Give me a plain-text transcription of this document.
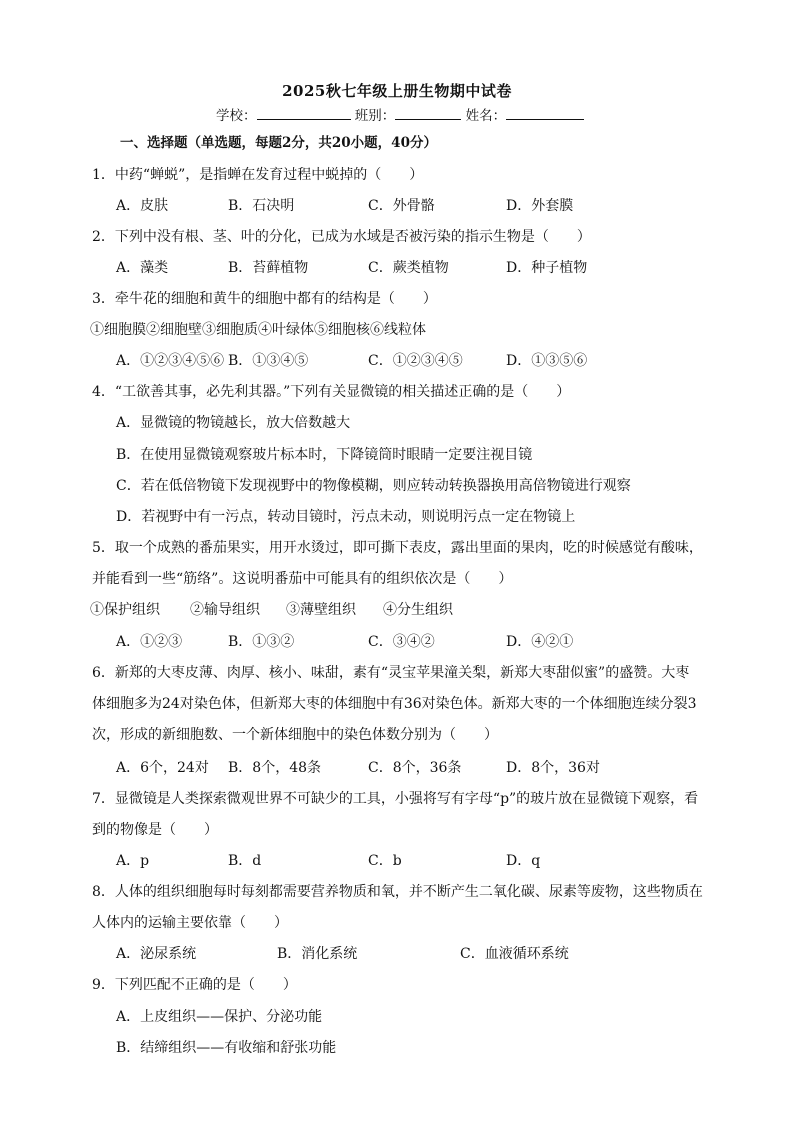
2025秋七年级上册生物期中试卷
学校：	班别：	姓名：
一、选择题（单选题，每题2分，共20小题，40分）
1．中药“蝉蜕”，是指蝉在发育过程中蜕掉的（　　）
A．皮肤	B．石决明	C．外骨骼	D．外套膜
2．下列中没有根、茎、叶的分化，已成为水域是否被污染的指示生物是（　　）
A．藻类	B．苔藓植物	C．蕨类植物	D．种子植物
3．牵牛花的细胞和黄牛的细胞中都有的结构是（　　）
①细胞膜②细胞壁③细胞质④叶绿体⑤细胞核⑥线粒体
A．①②③④⑤⑥ B．①③④⑤	C．①②③④⑤	D．①③⑤⑥
4．“工欲善其事，必先利其器。”下列有关显微镜的相关描述正确的是（　　）
A．显微镜的物镜越长，放大倍数越大
B．在使用显微镜观察玻片标本时，下降镜筒时眼睛一定要注视目镜
C．若在低倍物镜下发现视野中的物像模糊，则应转动转换器换用高倍物镜进行观察
D．若视野中有一污点，转动目镜时，污点未动，则说明污点一定在物镜上
5．取一个成熟的番茄果实，用开水烫过，即可撕下表皮，露出里面的果肉，吃的时候感觉有酸味，
并能看到一些“筋络”。这说明番茄中可能具有的组织依次是（　　）
①保护组织 ②输导组织 ③薄壁组织 ④分生组织
A．①②③	B．①③②	C．③④②	D．④②①
6．新郑的大枣皮薄、肉厚、核小、味甜，素有“灵宝苹果潼关梨，新郑大枣甜似蜜”的盛赞。大枣
体细胞多为24对染色体，但新郑大枣的体细胞中有36对染色体。新郑大枣的一个体细胞连续分裂3
次，形成的新细胞数、一个新体细胞中的染色体数分别为（　　）
A．6个，24对 B．8个，48条	C．8个，36条	D．8个，36对
7．显微镜是人类探索微观世界不可缺少的工具，小强将写有字母“p”的玻片放在显微镜下观察，看
到的物像是（　　）
A．p	B．d	C．b	D．q
8．人体的组织细胞每时每刻都需要营养物质和氧，并不断产生二氧化碳、尿素等废物，这些物质在
人体内的运输主要依靠（　　）
A．泌尿系统	B．消化系统	C．血液循环系统
9．下列匹配不正确的是（　　）
A．上皮组织——保护、分泌功能
B．结缔组织——有收缩和舒张功能
